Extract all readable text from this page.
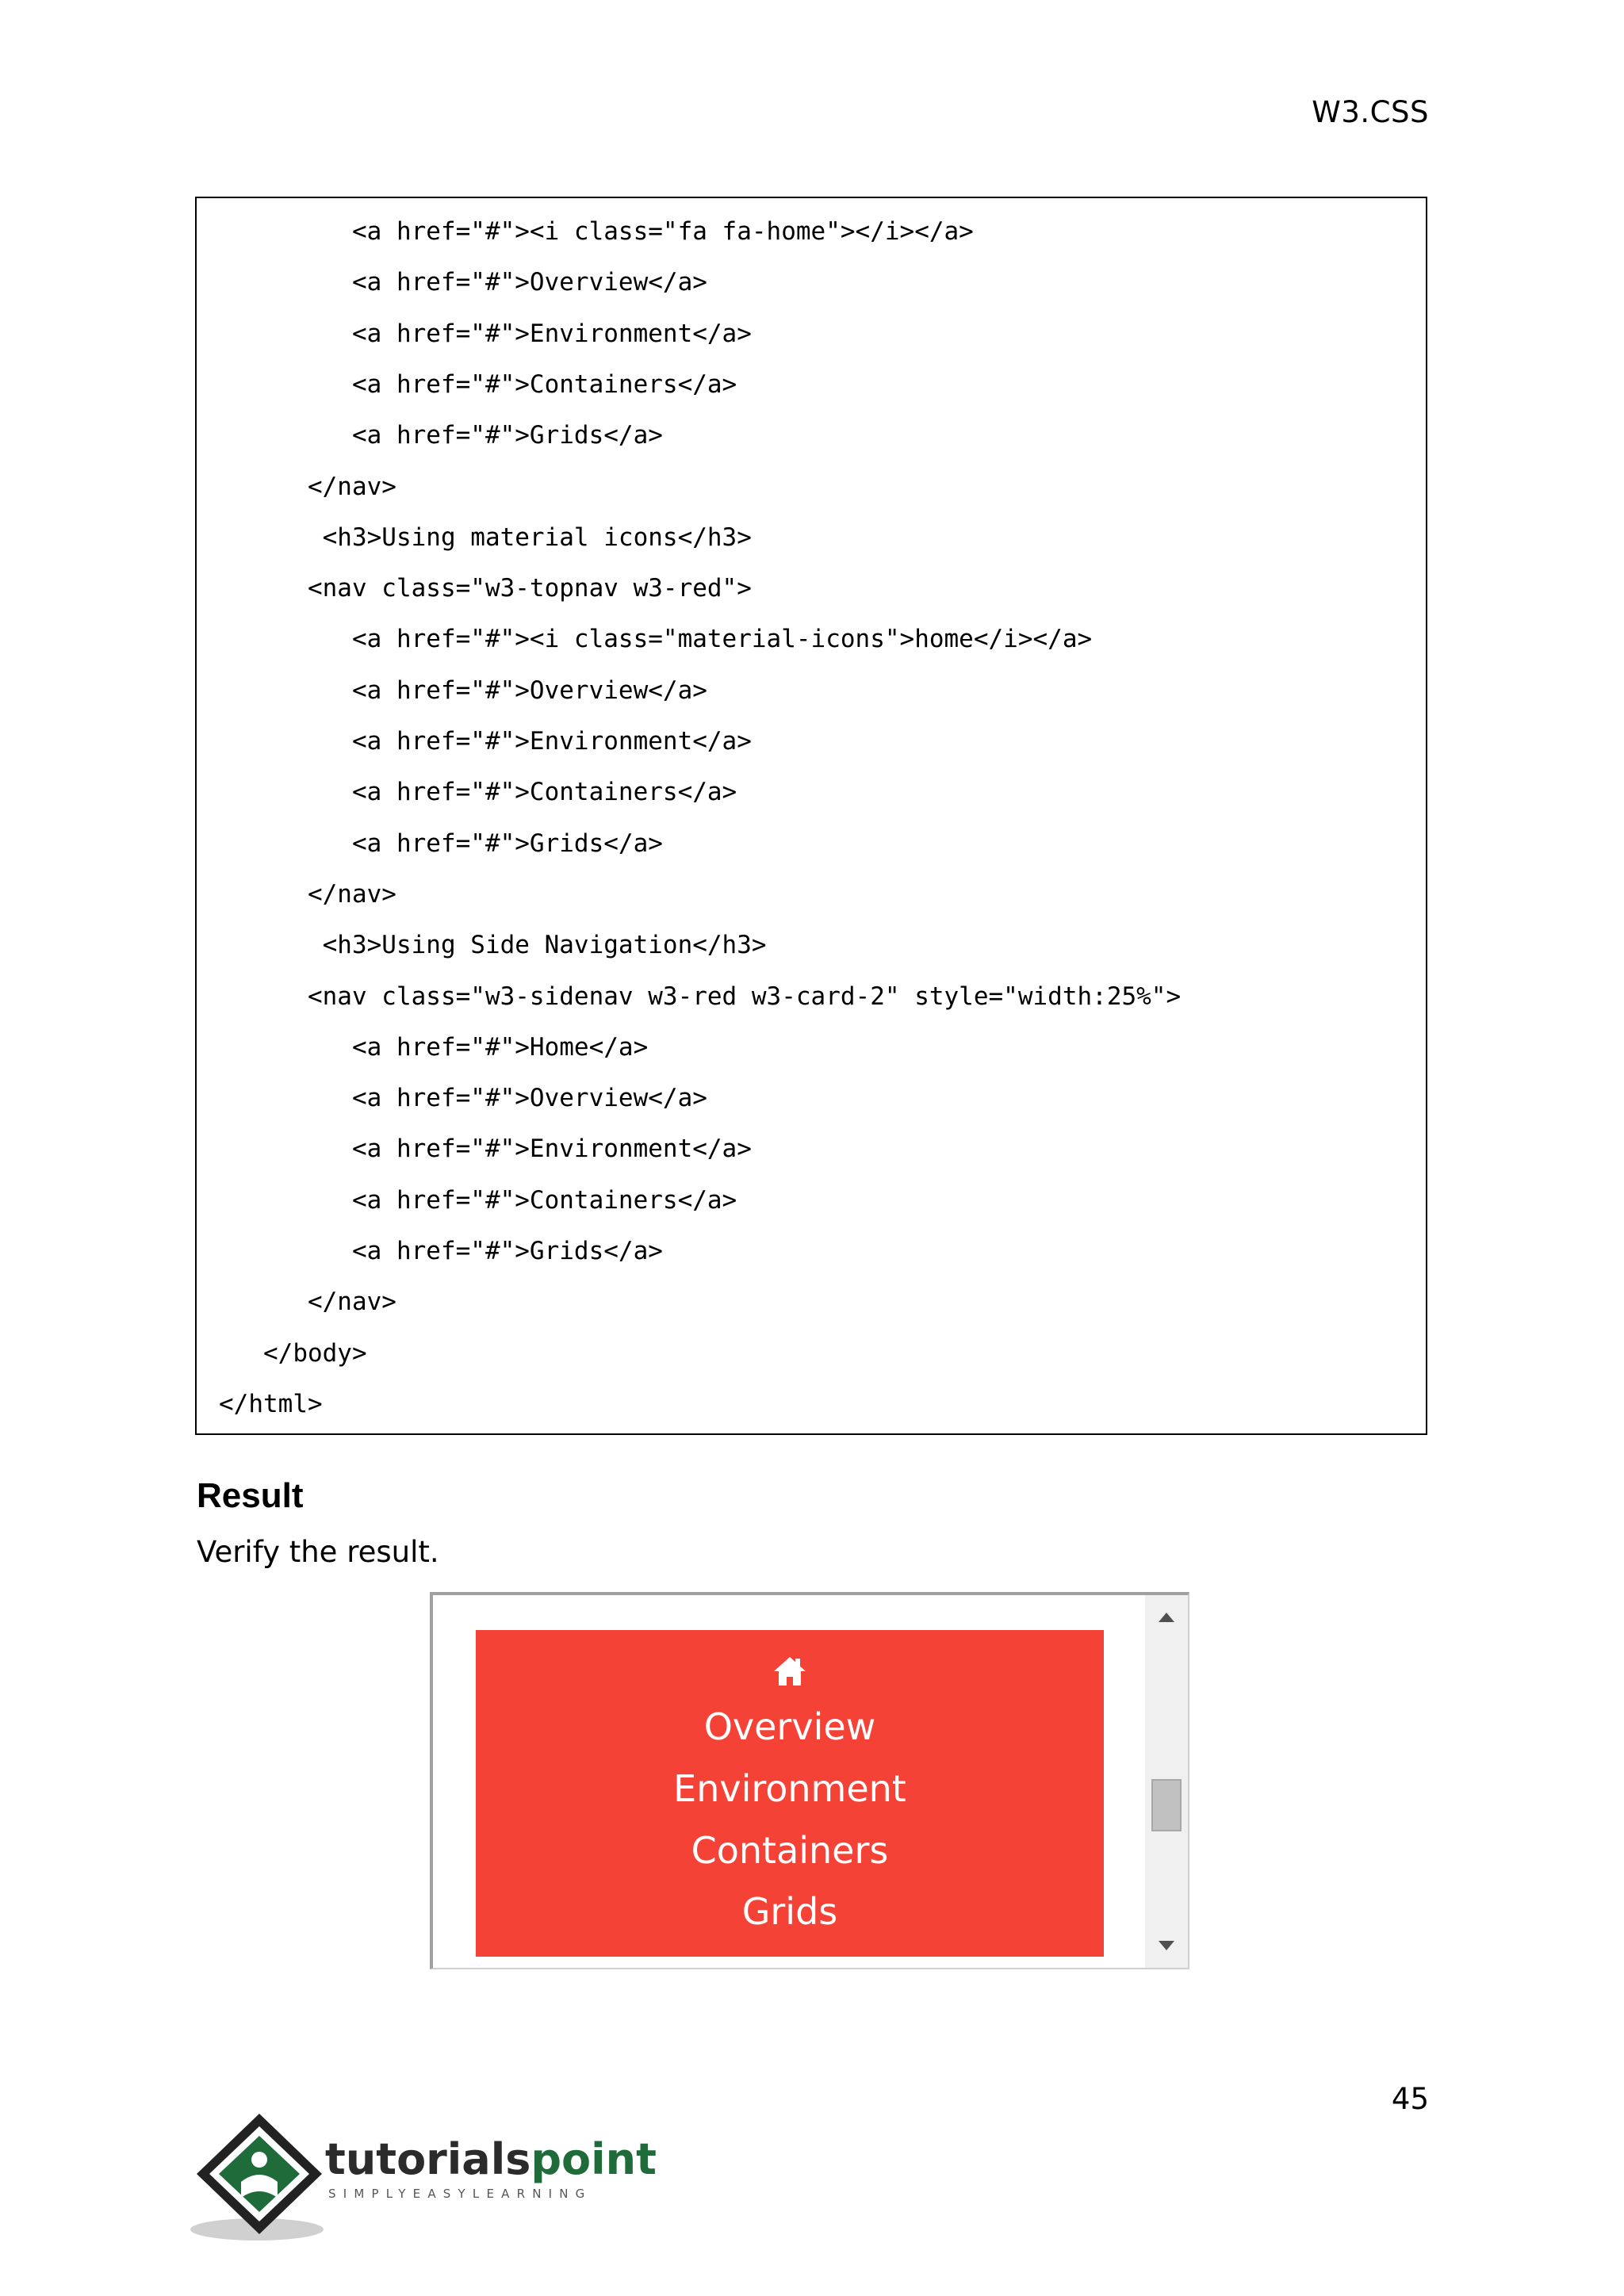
W3.CSS
<a href="#"><i class="fa fa-home"></i></a>
<a href="#">Overview</a>
<a href="#">Environment</a>
<a href="#">Containers</a>
<a href="#">Grids</a>
</nav>
<h3>Using material icons</h3>
<nav class="w3-topnav w3-red">
<a href="#"><i class="material-icons">home</i></a>
<a href="#">Overview</a>
<a href="#">Environment</a>
<a href="#">Containers</a>
<a href="#">Grids</a>
</nav>
<h3>Using Side Navigation</h3>
<nav class="w3-sidenav w3-red w3-card-2" style="width:25%">
<a href="#">Home</a>
<a href="#">Overview</a>
<a href="#">Environment</a>
<a href="#">Containers</a>
<a href="#">Grids</a>
</nav>
</body>
</html>
Result
Verify the result.
Overview
Environment
Containers
Grids
45
tutorialspoint
SIMPLYEASYLEARNING
